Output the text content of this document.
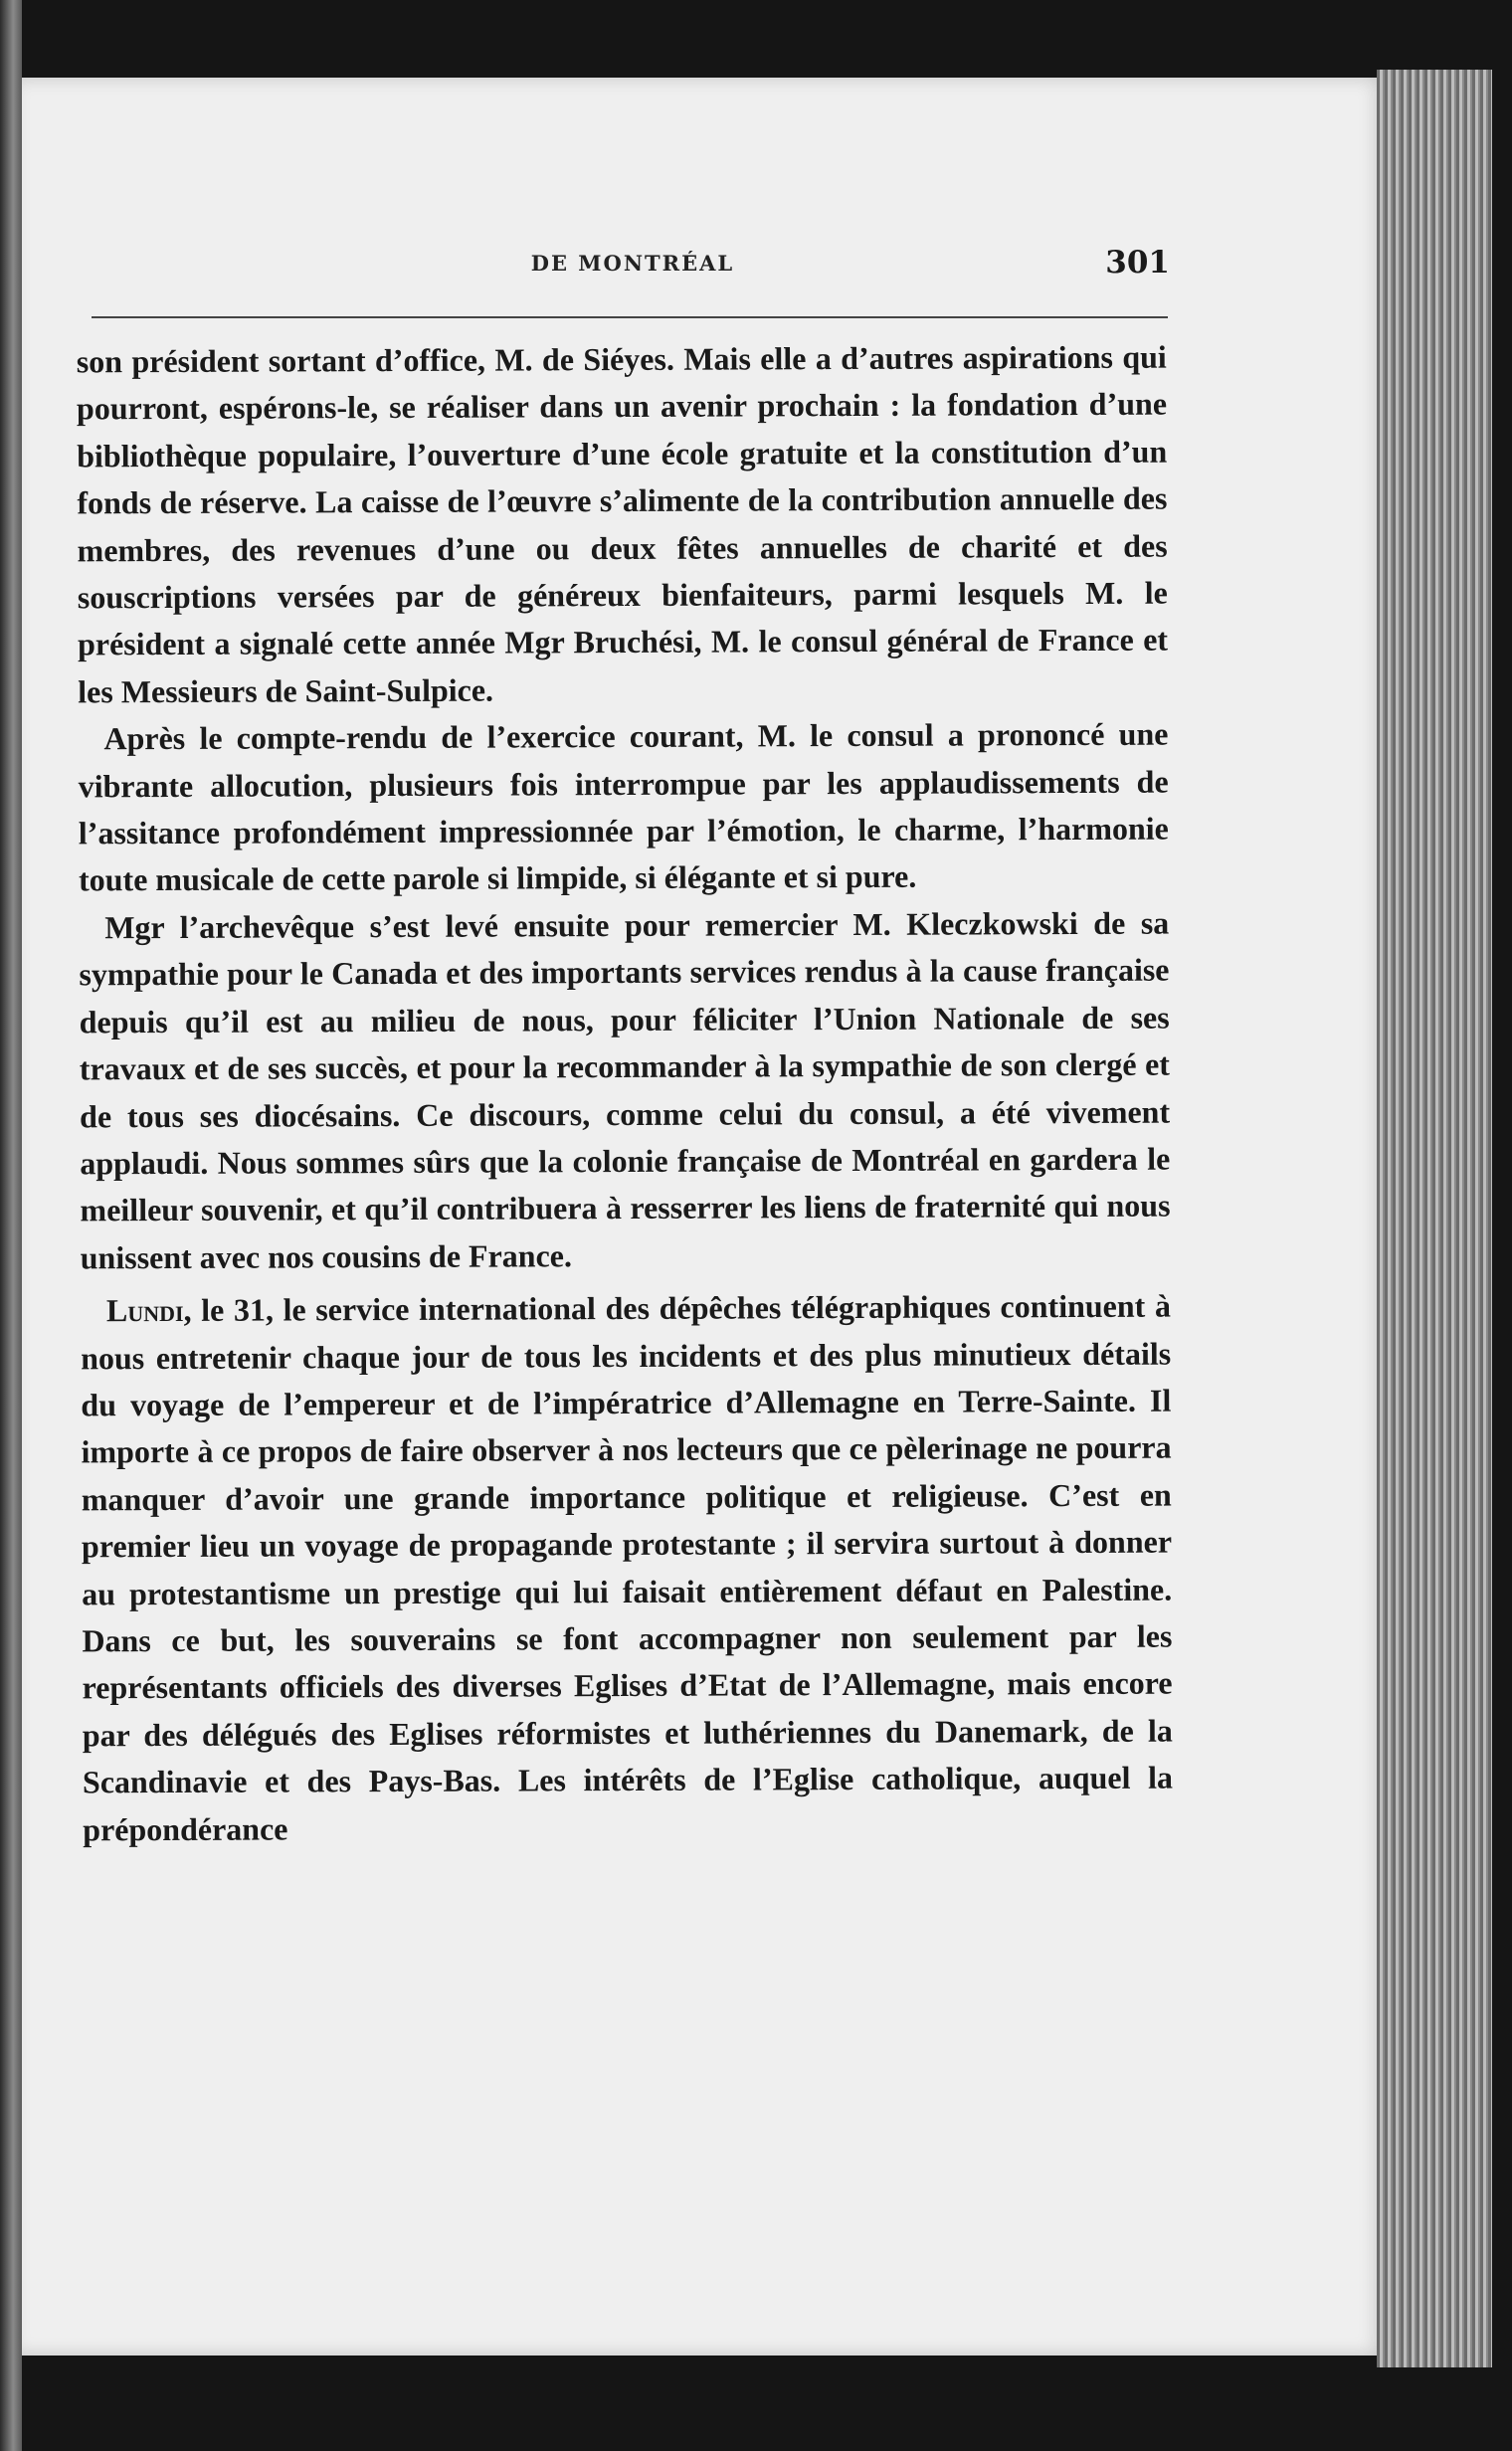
DE MONTRÉAL	301

son président sortant d’office, M. de Siéyes. Mais elle a d’autres aspirations qui pourront, espérons-le, se réaliser dans un avenir prochain : la fondation d’une bibliothèque populaire, l’ouverture d’une école gratuite et la constitution d’un fonds de réserve. La caisse de l’œuvre s’alimente de la contribution annuelle des membres, des revenues d’une ou deux fêtes annuelles de charité et des souscriptions versées par de généreux bienfaiteurs, parmi lesquels M. le président a signalé cette année Mgr Bruchési, M. le consul général de France et les Messieurs de Saint-Sulpice.

Après le compte-rendu de l’exercice courant, M. le consul a prononcé une vibrante allocution, plusieurs fois interrompue par les applaudissements de l’assitance profondément impressionnée par l’émotion, le charme, l’harmonie toute musicale de cette parole si limpide, si élégante et si pure.

Mgr l’archevêque s’est levé ensuite pour remercier M. Kleczkowski de sa sympathie pour le Canada et des importants services rendus à la cause française depuis qu’il est au milieu de nous, pour féliciter l’Union Nationale de ses travaux et de ses succès, et pour la recommander à la sympathie de son clergé et de tous ses diocésains. Ce discours, comme celui du consul, a été vivement applaudi. Nous sommes sûrs que la colonie française de Montréal en gardera le meilleur souvenir, et qu’il contribuera à resserrer les liens de fraternité qui nous unissent avec nos cousins de France.

Lundi, le 31, le service international des dépêches télégraphiques continuent à nous entretenir chaque jour de tous les incidents et des plus minutieux détails du voyage de l’empereur et de l’impératrice d’Allemagne en Terre-Sainte. Il importe à ce propos de faire observer à nos lecteurs que ce pèlerinage ne pourra manquer d’avoir une grande importance politique et religieuse. C’est en premier lieu un voyage de propagande protestante ; il servira surtout à donner au protestantisme un prestige qui lui faisait entièrement défaut en Palestine. Dans ce but, les souverains se font accompagner non seulement par les représentants officiels des diverses Eglises d’Etat de l’Allemagne, mais encore par des délégués des Eglises réformistes et luthériennes du Danemark, de la Scandinavie et des Pays-Bas. Les intérêts de l’Eglise catholique, auquel la prépondérance
